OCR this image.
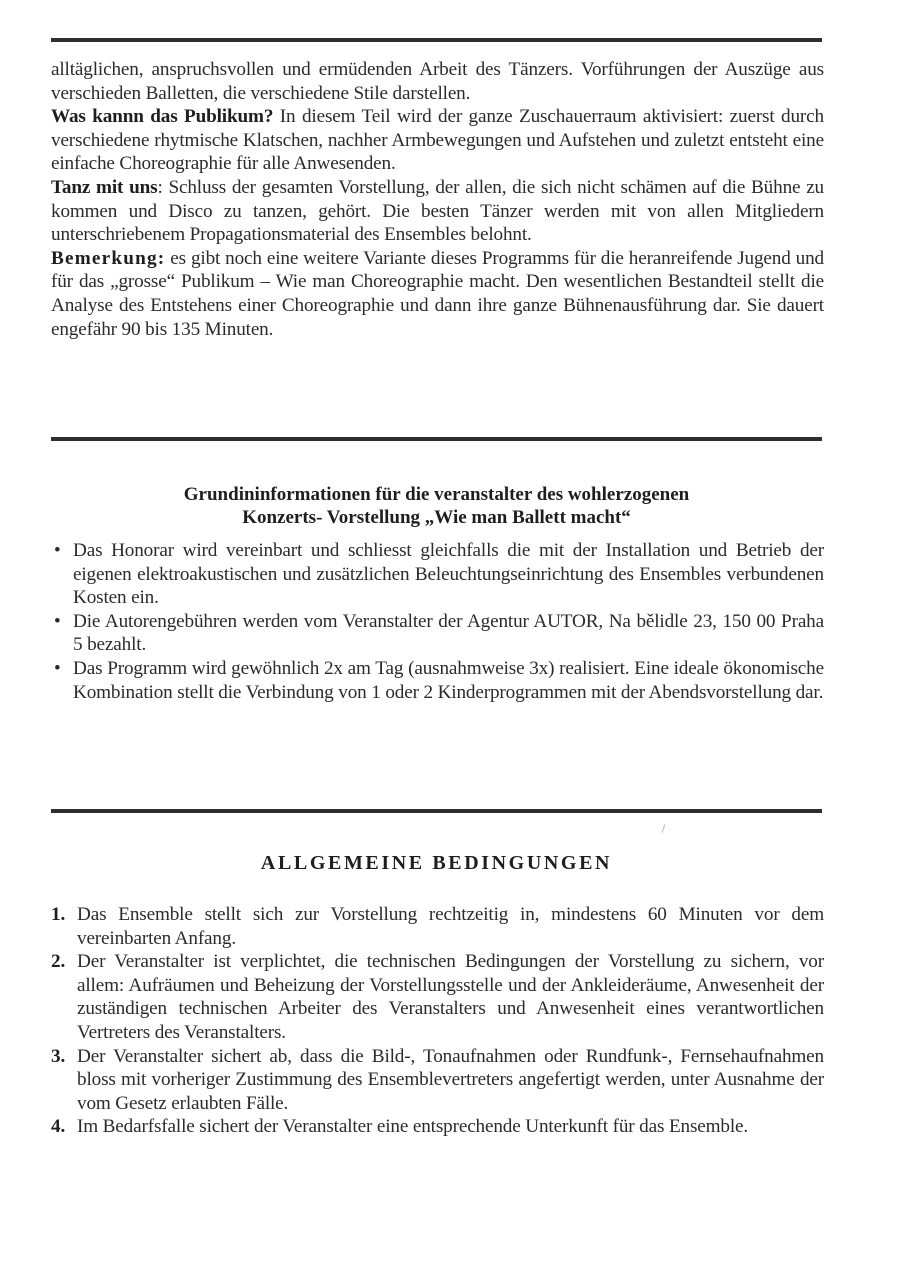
alltäglichen, anspruchsvollen und ermüdenden Arbeit des Tänzers. Vorführungen der Auszüge aus verschieden Balletten, die verschiedene Stile darstellen.

Was kannn das Publikum? In diesem Teil wird der ganze Zuschauerraum aktivisiert: zuerst durch verschiedene rhytmische Klatschen, nachher Armbewegungen und Aufstehen und zuletzt entsteht eine einfache Choreographie für alle Anwesenden.

Tanz mit uns: Schluss der gesamten Vorstellung, der allen, die sich nicht schämen auf die Bühne zu kommen und Disco zu tanzen, gehört. Die besten Tänzer werden mit von allen Mitgliedern unterschriebenem Propagationsmaterial des Ensembles belohnt.

Bemerkung: es gibt noch eine weitere Variante dieses Programms für die heranreifende Jugend und für das „grosse“ Publikum – Wie man Choreographie macht. Den wesentlichen Bestandteil stellt die Analyse des Entstehens einer Choreographie und dann ihre ganze Bühnenausführung dar. Sie dauert engefähr 90 bis 135 Minuten.

Grundininformationen für die veranstalter des wohlerzogenen
Konzerts- Vorstellung „Wie man Ballett macht“
• Das Honorar wird vereinbart und schliesst gleichfalls die mit der Installation und Betrieb der eigenen elektroakustischen und zusätzlichen Beleuchtungseinrichtung des Ensembles verbundenen Kosten ein.
• Die Autorengebühren werden vom Veranstalter der Agentur AUTOR, Na bělidle 23, 150 00 Praha 5 bezahlt.
• Das Programm wird gewöhnlich 2x am Tag (ausnahmweise 3x) realisiert. Eine ideale ökonomische Kombination stellt die Verbindung von 1 oder 2 Kinderprogrammen mit der Abendsvorstellung dar.
ALLGEMEINE BEDINGUNGEN
1. Das Ensemble stellt sich zur Vorstellung rechtzeitig in, mindestens 60 Minuten vor dem vereinbarten Anfang.
2. Der Veranstalter ist verplichtet, die technischen Bedingungen der Vorstellung zu sichern, vor allem: Aufräumen und Beheizung der Vorstellungsstelle und der Ankleideräume, Anwesenheit der zuständigen technischen Arbeiter des Veranstalters und Anwesenheit eines verantwortlichen Vertreters des Veranstalters.
3. Der Veranstalter sichert ab, dass die Bild-, Tonaufnahmen oder Rundfunk-, Fernsehaufnahmen bloss mit vorheriger Zustimmung des Ensemblevertreters angefertigt werden, unter Ausnahme der vom Gesetz erlaubten Fälle.
4. Im Bedarfsfalle sichert der Veranstalter eine entsprechende Unterkunft für das Ensemble.
